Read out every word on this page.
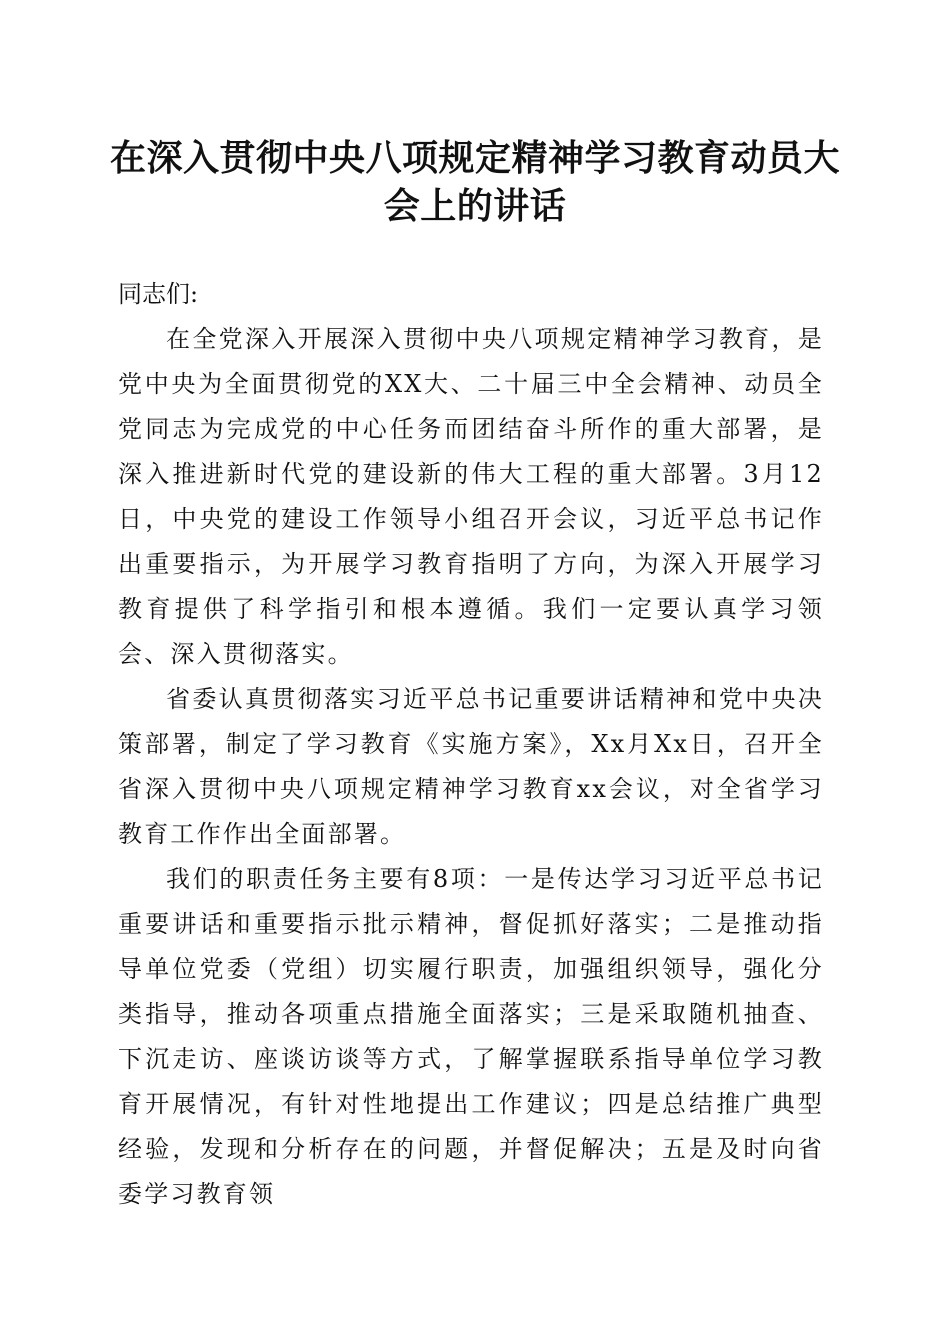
在深入贯彻中央八项规定精神学习教育动员大会上的讲话

同志们:

在全党深入开展深入贯彻中央八项规定精神学习教育，是党中央为全面贯彻党的XX大、二十届三中全会精神、动员全党同志为完成党的中心任务而团结奋斗所作的重大部署，是深入推进新时代党的建设新的伟大工程的重大部署。3月12日，中央党的建设工作领导小组召开会议，习近平总书记作出重要指示，为开展学习教育指明了方向，为深入开展学习教育提供了科学指引和根本遵循。我们一定要认真学习领会、深入贯彻落实。

省委认真贯彻落实习近平总书记重要讲话精神和党中央决策部署，制定了学习教育《实施方案》，Xx月Xx日，召开全省深入贯彻中央八项规定精神学习教育xx会议，对全省学习教育工作作出全面部署。

我们的职责任务主要有8项：一是传达学习习近平总书记重要讲话和重要指示批示精神，督促抓好落实；二是推动指导单位党委（党组）切实履行职责，加强组织领导，强化分类指导，推动各项重点措施全面落实；三是采取随机抽查、下沉走访、座谈访谈等方式，了解掌握联系指导单位学习教育开展情况，有针对性地提出工作建议；四是总结推广典型经验，发现和分析存在的问题，并督促解决；五是及时向省委学习教育领
